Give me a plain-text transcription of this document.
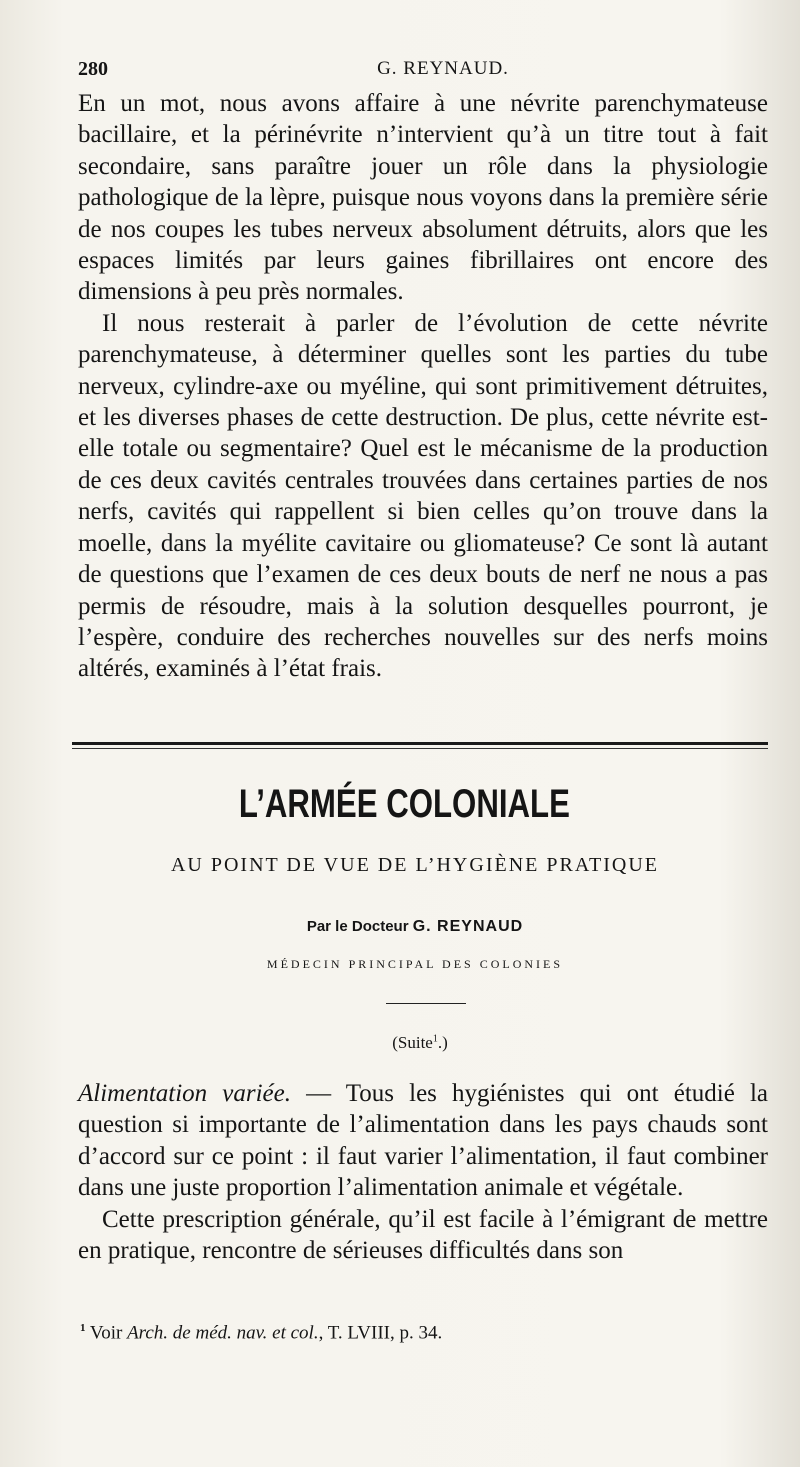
280	G. REYNAUD.

En un mot, nous avons affaire à une névrite parenchymateuse bacillaire, et la périnévrite n’intervient qu’à un titre tout à fait secondaire, sans paraître jouer un rôle dans la physiologie pathologique de la lèpre, puisque nous voyons dans la première série de nos coupes les tubes nerveux absolument détruits, alors que les espaces limités par leurs gaines fibrillaires ont encore des dimensions à peu près normales.

Il nous resterait à parler de l’évolution de cette névrite parenchymateuse, à déterminer quelles sont les parties du tube nerveux, cylindre-axe ou myéline, qui sont primitivement détruites, et les diverses phases de cette destruction. De plus, cette névrite est-elle totale ou segmentaire? Quel est le mécanisme de la production de ces deux cavités centrales trouvées dans certaines parties de nos nerfs, cavités qui rappellent si bien celles qu’on trouve dans la moelle, dans la myélite cavitaire ou gliomateuse? Ce sont là autant de questions que l’examen de ces deux bouts de nerf ne nous a pas permis de résoudre, mais à la solution desquelles pourront, je l’espère, conduire des recherches nouvelles sur des nerfs moins altérés, examinés à l’état frais.

L’ARMÉE COLONIALE
AU POINT DE VUE DE L’HYGIÈNE PRATIQUE
Par le Docteur G. REYNAUD
MÉDECIN PRINCIPAL DES COLONIES
(Suite$^1$.)

Alimentation variée. — Tous les hygiénistes qui ont étudié la question si importante de l’alimentation dans les pays chauds sont d’accord sur ce point : il faut varier l’alimentation, il faut combiner dans une juste proportion l’alimentation animale et végétale.

Cette prescription générale, qu’il est facile à l’émigrant de mettre en pratique, rencontre de sérieuses difficultés dans son

$^1$ Voir Arch. de méd. nav. et col., T. LVIII, p. 34.
